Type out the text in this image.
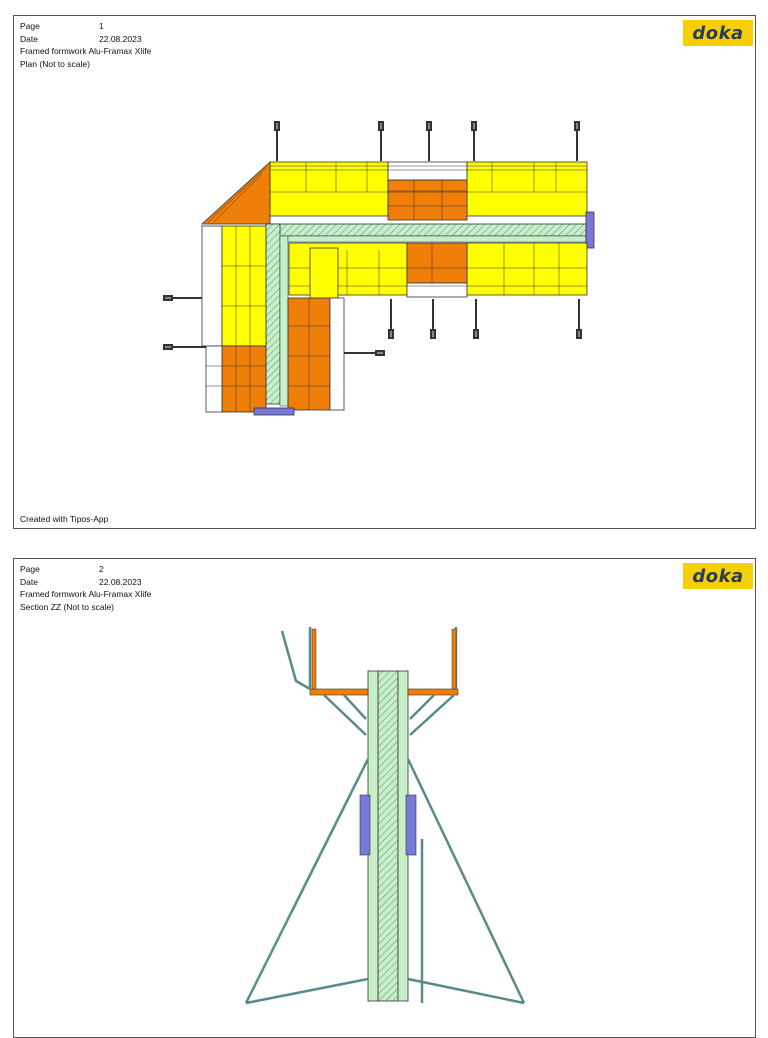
Page	1
Date	22.08.2023
Framed formwork Alu-Framax Xlife
Plan (Not to scale)
doka
Created with Tipos-App
Page	2
Date	22.08.2023
Framed formwork Alu-Framax Xlife
Section ZZ (Not to scale)
doka
